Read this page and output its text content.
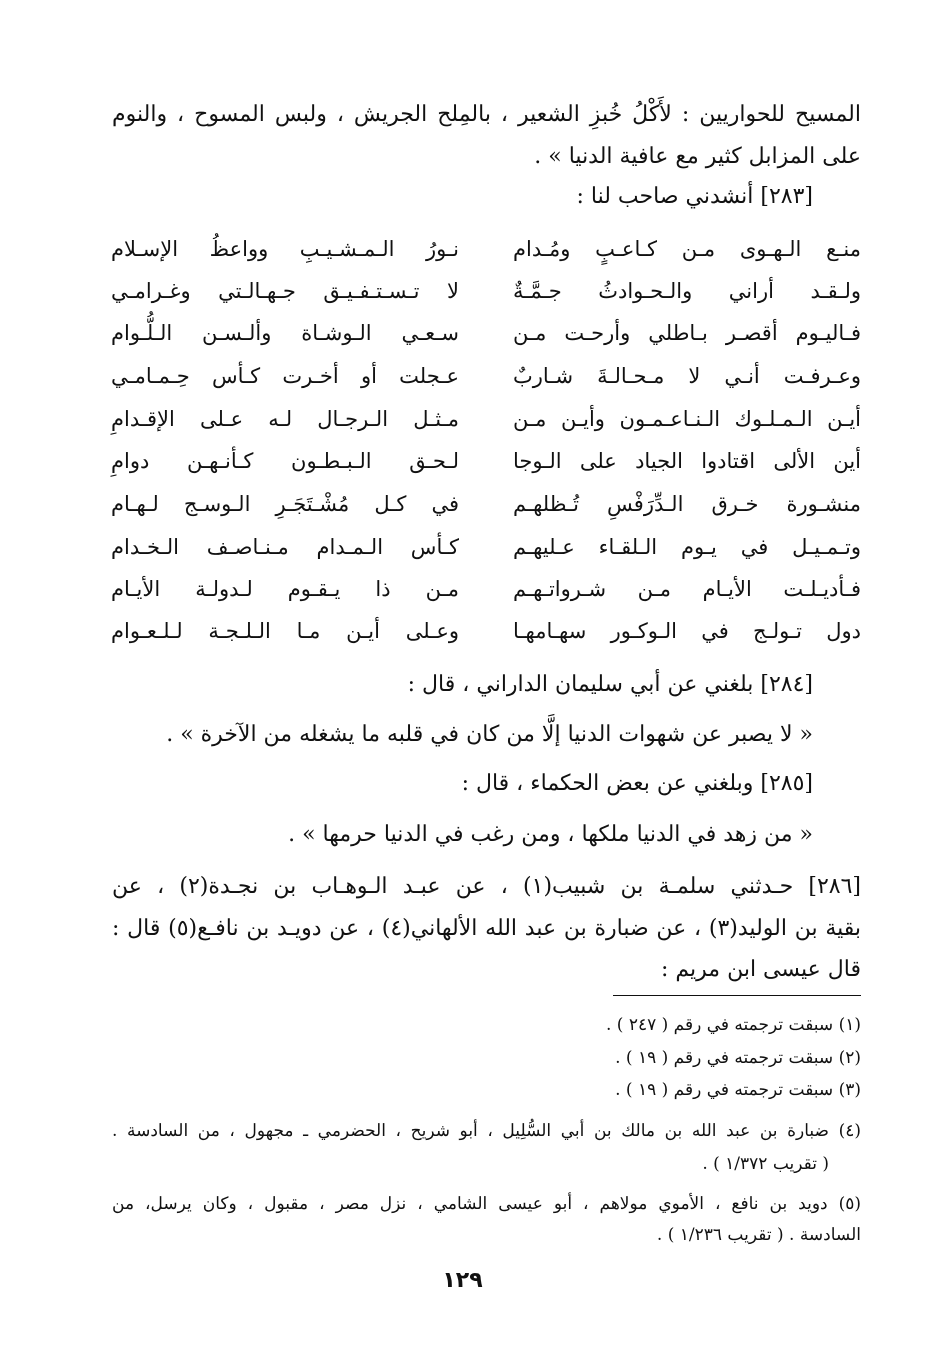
المسيح للحواريين : لأَكْلُ خُبزِ الشعير ، بالمِلح الجريش ، ولبس المسوح ، والنوم
على المزابل كثير مع عافية الدنيا » .
[٢٨٣] أنشدني صاحب لنا :
منـع الـهـوى مـن كـاعـبٍ ومُـدام
نـورُ الـمـشـيـبِ وواعظُ الإسـلام
ولـقـد أراني والـحـوادثُ جـمَّـةٌ
لا تـسـتـفـيـق جـهـالـتي وغـرامـي
فـاليـوم أقصـر بـاطلي وأرحـت مـن
سـعـي الـوشـاة وألـسـن الـلُّـوام
وعـرفـت أنـي لا مـحـالـةَ شـاربٌ
عـجلت أو أخـرت كـأس حِـمـامـي
أيـن الـمـلـوك الـنـاعـمـون وأيـن مـن
مـثـل الـرجـال لـه عـلى الإقـدامِ
أين الألى اقتادوا الجياد على الـوجا
لـحـق الـبـطـون كـأنـهـن دوامِ
منشـورة خـرق الـدِّرَفْسِ تُـظلهـم
في كـل مُشْـتَجَـرِ الـوسـج لـهـام
وتـمـيـل في يـوم الـلقـاء عـليهـم
كـأس الـمـدام مـنـاصـف الـخـدام
فـأديـلـت الأيـام مـن شـرواتـهـم
مـن ذا يـقـوم لـدولـة الأيـام
دول تـولـج في الـوكـور سهـامهـا
وعـلى أيـن مـا الـلـجـة لـلـعـوام
[٢٨٤] بلغني عن أبي سليمان الداراني ، قال :
« لا يصبر عن شهوات الدنيا إلَّا من كان في قلبه ما يشغله من الآخرة » .
[٢٨٥] وبلغني عن بعض الحكماء ، قال :
« من زهد في الدنيا ملكها ، ومن رغب في الدنيا حرمها » .
[٢٨٦] حـدثني سلمـة بن شبيب(١) ، عن عبـد الـوهـاب بن نجـدة(٢) ، عن
بقية بن الوليد(٣) ، عن ضبارة بن عبد الله الألهاني(٤) ، عن دويـد بن نافـع(٥) قال :
قال عيسى ابن مريم :
(١) سبقت ترجمته في رقم ( ٢٤٧ ) .
(٢) سبقت ترجمته في رقم ( ١٩ ) .
(٣) سبقت ترجمته في رقم ( ١٩ ) .
(٤) ضبارة بن عبد الله بن مالك بن أبي السُّلِيل ، أبو شريح ، الحضرمي ـ مجهول ، من السادسة .
( تقريب ١/٣٧٢ ) .
(٥) دويد بن نافع ، الأموي مولاهم ، أبو عيسى الشامي ، نزل مصر ، مقبول ، وكان يرسل، من
السادسة . ( تقريب ١/٢٣٦ ) .
١٢٩
